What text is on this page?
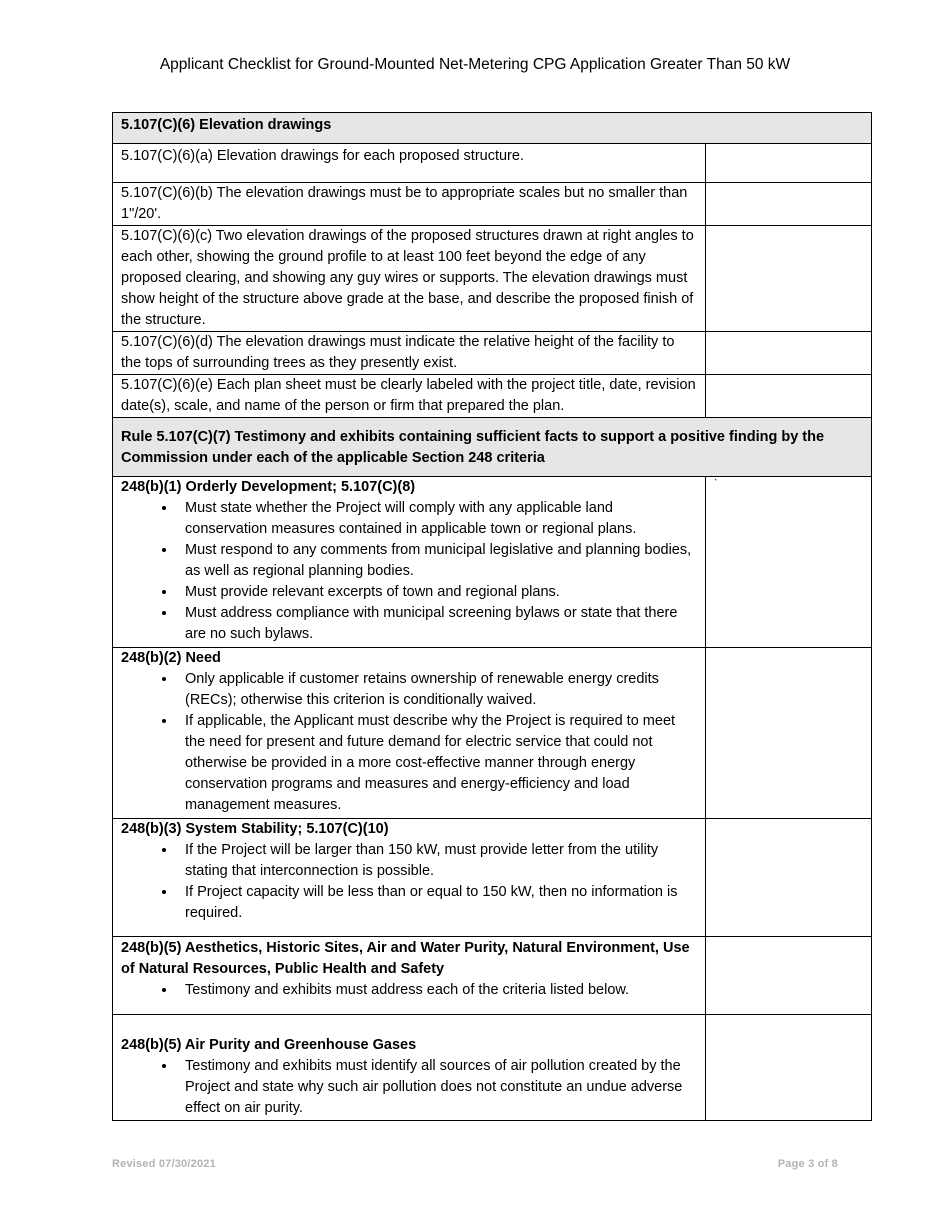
Applicant Checklist for Ground-Mounted Net-Metering CPG Application Greater Than 50 kW
5.107(C)(6) Elevation drawings
5.107(C)(6)(a) Elevation drawings for each proposed structure.
5.107(C)(6)(b) The elevation drawings must be to appropriate scales but no smaller than 1"/20'.
5.107(C)(6)(c) Two elevation drawings of the proposed structures drawn at right angles to each other, showing the ground profile to at least 100 feet beyond the edge of any proposed clearing, and showing any guy wires or supports. The elevation drawings must show height of the structure above grade at the base, and describe the proposed finish of the structure.
5.107(C)(6)(d) The elevation drawings must indicate the relative height of the facility to the tops of surrounding trees as they presently exist.
5.107(C)(6)(e) Each plan sheet must be clearly labeled with the project title, date, revision date(s), scale, and name of the person or firm that prepared the plan.
Rule 5.107(C)(7) Testimony and exhibits containing sufficient facts to support a positive finding by the Commission under each of the applicable Section 248 criteria
248(b)(1) Orderly Development; 5.107(C)(8)
• Must state whether the Project will comply with any applicable land conservation measures contained in applicable town or regional plans.
• Must respond to any comments from municipal legislative and planning bodies, as well as regional planning bodies.
• Must provide relevant excerpts of town and regional plans.
• Must address compliance with municipal screening bylaws or state that there are no such bylaws.
`
248(b)(2) Need
• Only applicable if customer retains ownership of renewable energy credits (RECs); otherwise this criterion is conditionally waived.
• If applicable, the Applicant must describe why the Project is required to meet the need for present and future demand for electric service that could not otherwise be provided in a more cost-effective manner through energy conservation programs and measures and energy-efficiency and load management measures.
248(b)(3) System Stability; 5.107(C)(10)
• If the Project will be larger than 150 kW, must provide letter from the utility stating that interconnection is possible.
• If Project capacity will be less than or equal to 150 kW, then no information is required.
248(b)(5) Aesthetics, Historic Sites, Air and Water Purity, Natural Environment, Use of Natural Resources, Public Health and Safety
• Testimony and exhibits must address each of the criteria listed below.
248(b)(5) Air Purity and Greenhouse Gases
• Testimony and exhibits must identify all sources of air pollution created by the Project and state why such air pollution does not constitute an undue adverse effect on air purity.
Revised 07/30/2021	Page 3 of 8
